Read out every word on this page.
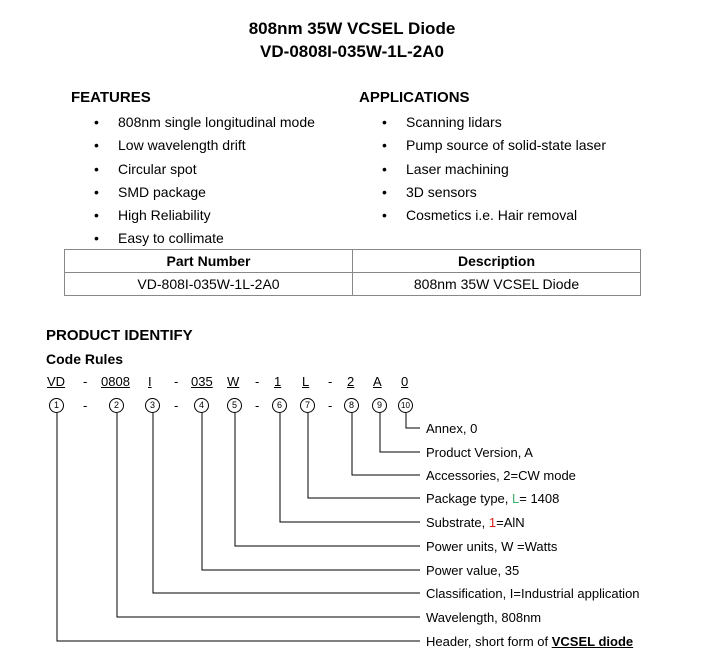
808nm 35W VCSEL Diode
VD-0808I-035W-1L-2A0
FEATURES
• 808nm single longitudinal mode
• Low wavelength drift
• Circular spot
• SMD package
• High Reliability
• Easy to collimate
APPLICATIONS
• Scanning lidars
• Pump source of solid-state laser
• Laser machining
• 3D sensors
• Cosmetics i.e. Hair removal
Part Number	Description
VD-808I-035W-1L-2A0	808nm 35W VCSEL Diode
PRODUCT IDENTIFY
Code Rules
VD - 0808	-
I	035 W - 1 L - 2 A 0
1	-	2	3	-	4	5	-	6	7	-	8	9	10
Annex, 0
Product Version, A
Accessories, 2=CW mode
Package type, L= 1408
Substrate, 1=AlN
Power units, W =Watts
Power value, 35
Classification, I=Industrial application
Wavelength, 808nm
Header, short form of VCSEL diode
